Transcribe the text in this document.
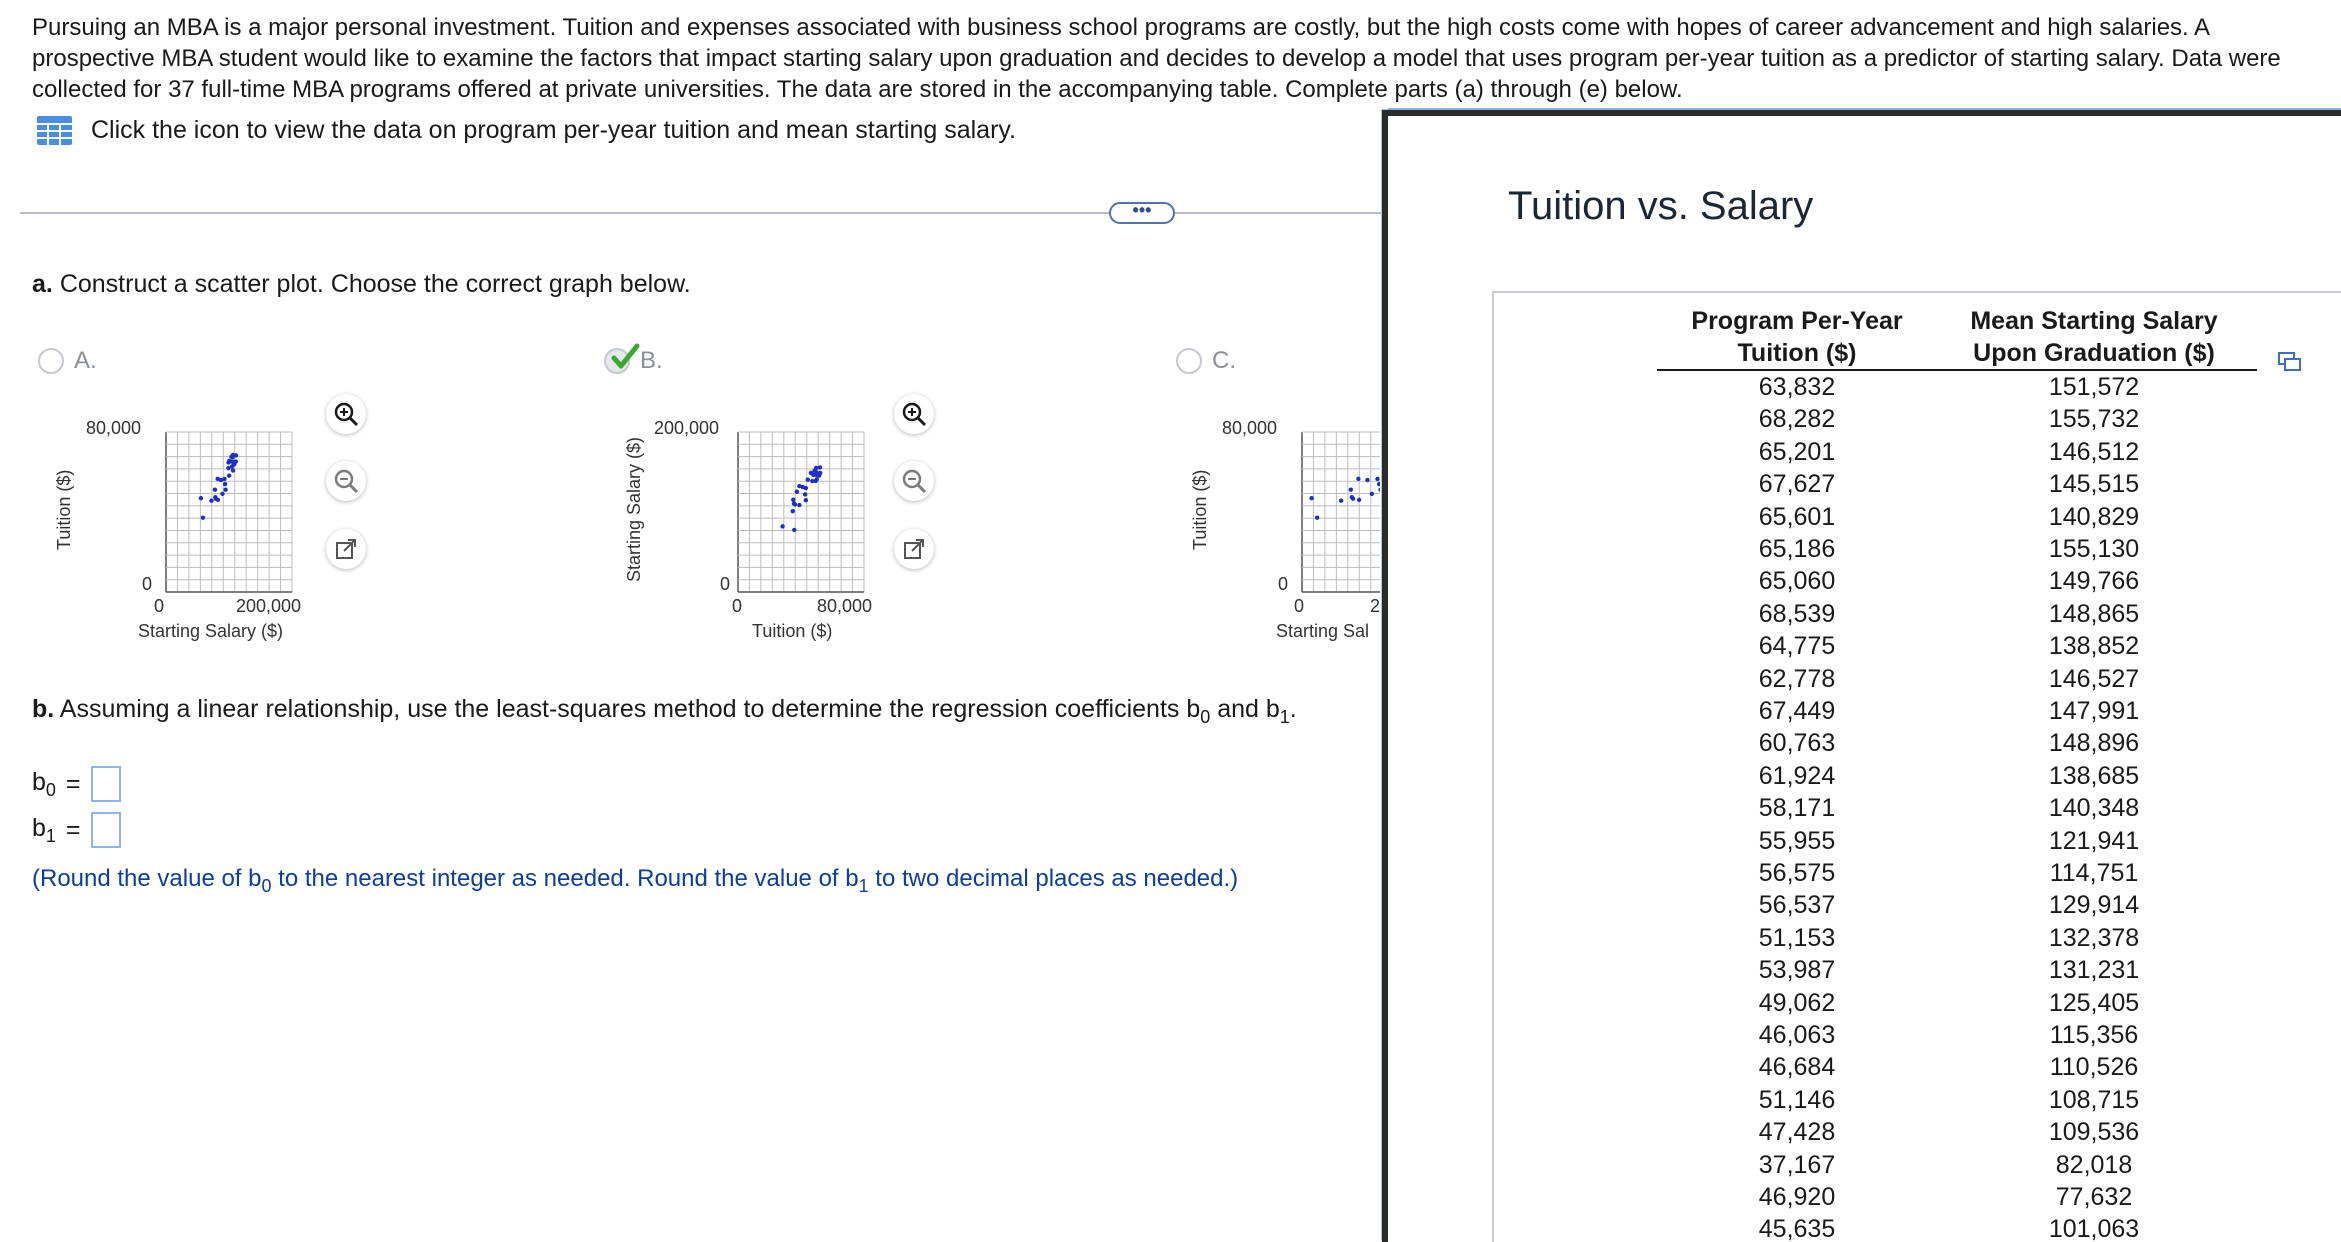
Pursuing an MBA is a major personal investment. Tuition and expenses associated with business school programs are costly, but the high costs come with hopes of career advancement and high salaries. A prospective MBA student would like to examine the factors that impact starting salary upon graduation and decides to develop a model that uses program per-year tuition as a predictor of starting salary. Data were collected for 37 full-time MBA programs offered at private universities. The data are stored in the accompanying table. Complete parts (a) through (e) below.
Click the icon to view the data on program per-year tuition and mean starting salary.
•••
a. Construct a scatter plot. Choose the correct graph below.
A.
80,000
0
0	200,000
Starting Salary ($)
Tuition ($)
B.
200,000
0
0	80,000
Tuition ($)
Starting Salary ($)
C.
80,000
0
0	2
Starting Sal
Tuition ($)
b. Assuming a linear relationship, use the least-squares method to determine the regression coefficients $b_0$ and $b_1$.
$b_0$ =
$b_1$ =
(Round the value of $b_0$ to the nearest integer as needed. Round the value of $b_1$ to two decimal places as needed.)
Tuition vs. Salary
Program Per-Year
Tuition ($)
Mean Starting Salary
Upon Graduation ($)
63,832	151,572
68,282	155,732
65,201	146,512
67,627	145,515
65,601	140,829
65,186	155,130
65,060	149,766
68,539	148,865
64,775	138,852
62,778	146,527
67,449	147,991
60,763	148,896
61,924	138,685
58,171	140,348
55,955	121,941
56,575	114,751
56,537	129,914
51,153	132,378
53,987	131,231
49,062	125,405
46,063	115,356
46,684	110,526
51,146	108,715
47,428	109,536
37,167	82,018
46,920	77,632
45,635	101,063
